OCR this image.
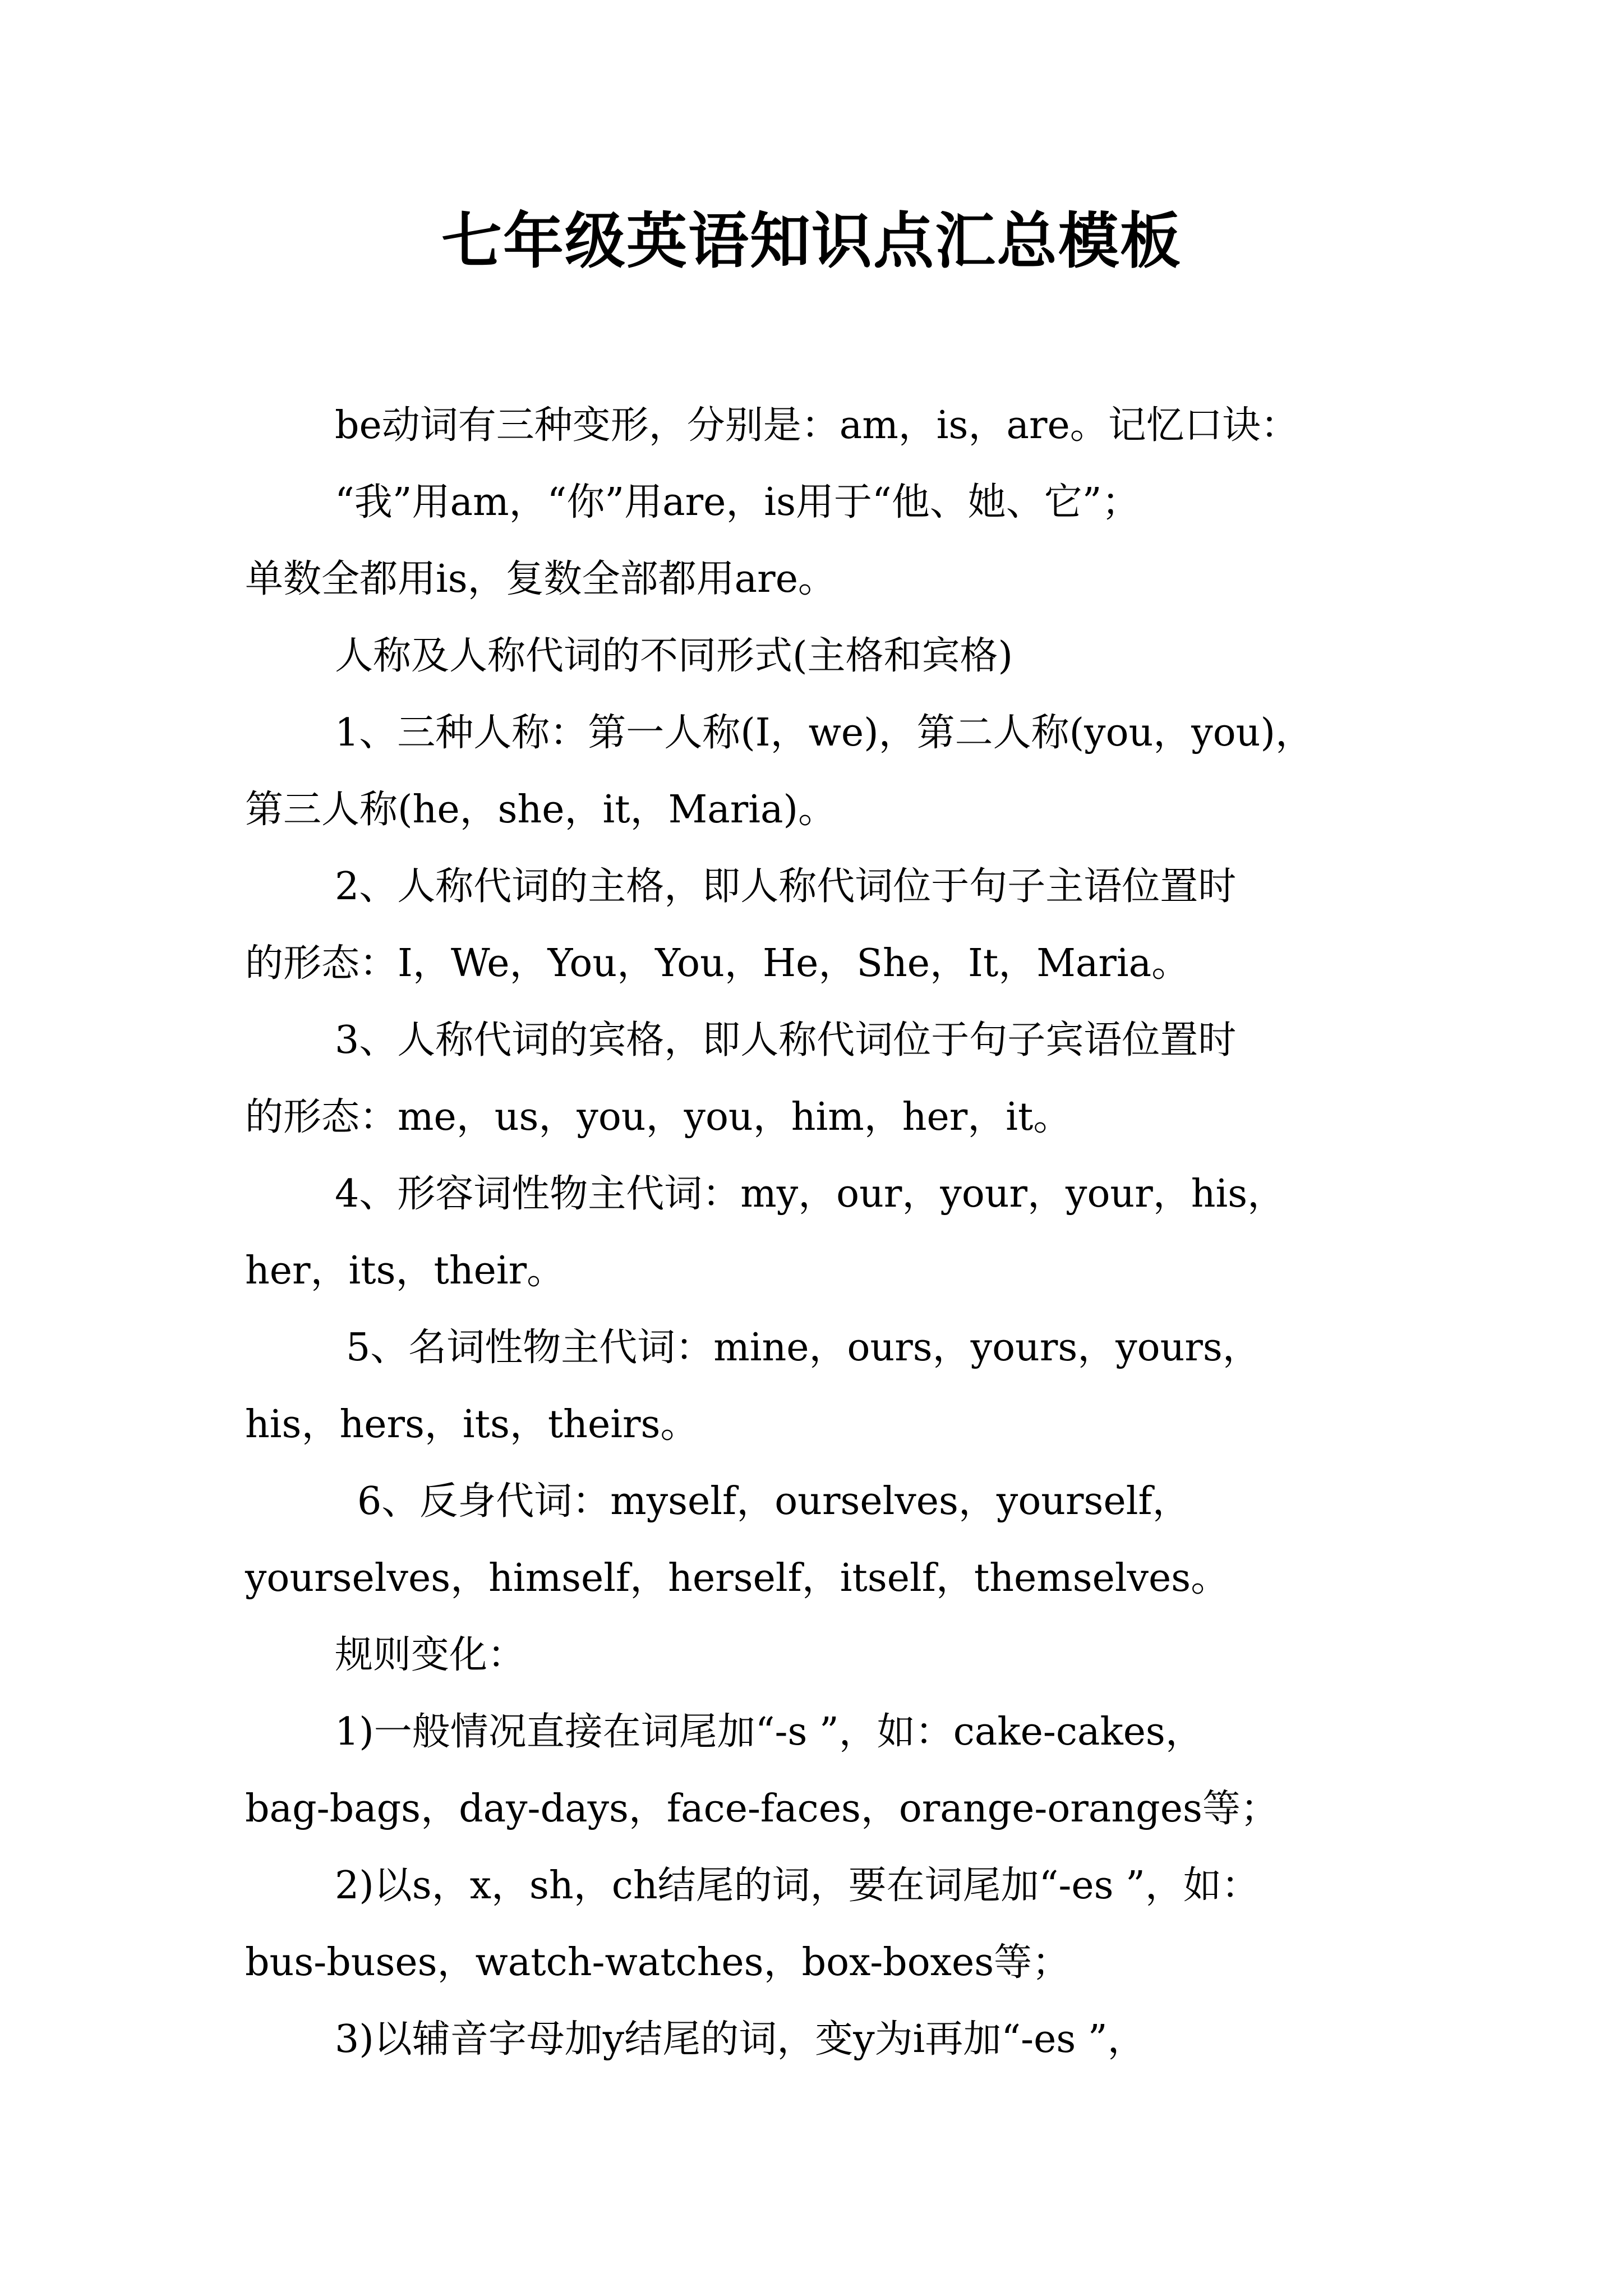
七年级英语知识点汇总模板
be动词有三种变形，分别是：am，is，are。记忆口诀：
“我”用am，“你”用are，is用于“他、她、它”；
单数全都用is，复数全部都用are。
人称及人称代词的不同形式(主格和宾格)
1、三种人称：第一人称(I，we)，第二人称(you，you)，
第三人称(he，she，it，Maria)。
2、人称代词的主格，即人称代词位于句子主语位置时
的形态：I，We，You，You，He，She，It，Maria。
3、人称代词的宾格，即人称代词位于句子宾语位置时
的形态：me，us，you，you，him，her，it。
4、形容词性物主代词：my，our，your，your，his，
her，its，their。
5、名词性物主代词：mine，ours，yours，yours，
his，hers，its，theirs。
6、反身代词：myself，ourselves，yourself，
yourselves，himself，herself，itself，themselves。
规则变化：
1)一般情况直接在词尾加“-s ”，如：cake-cakes，
bag-bags，day-days，face-faces，orange-oranges等；
2)以s，x，sh，ch结尾的词，要在词尾加“-es ”，如：
bus-buses，watch-watches，box-boxes等；
3)以辅音字母加y结尾的词，变y为i再加“-es ”，
